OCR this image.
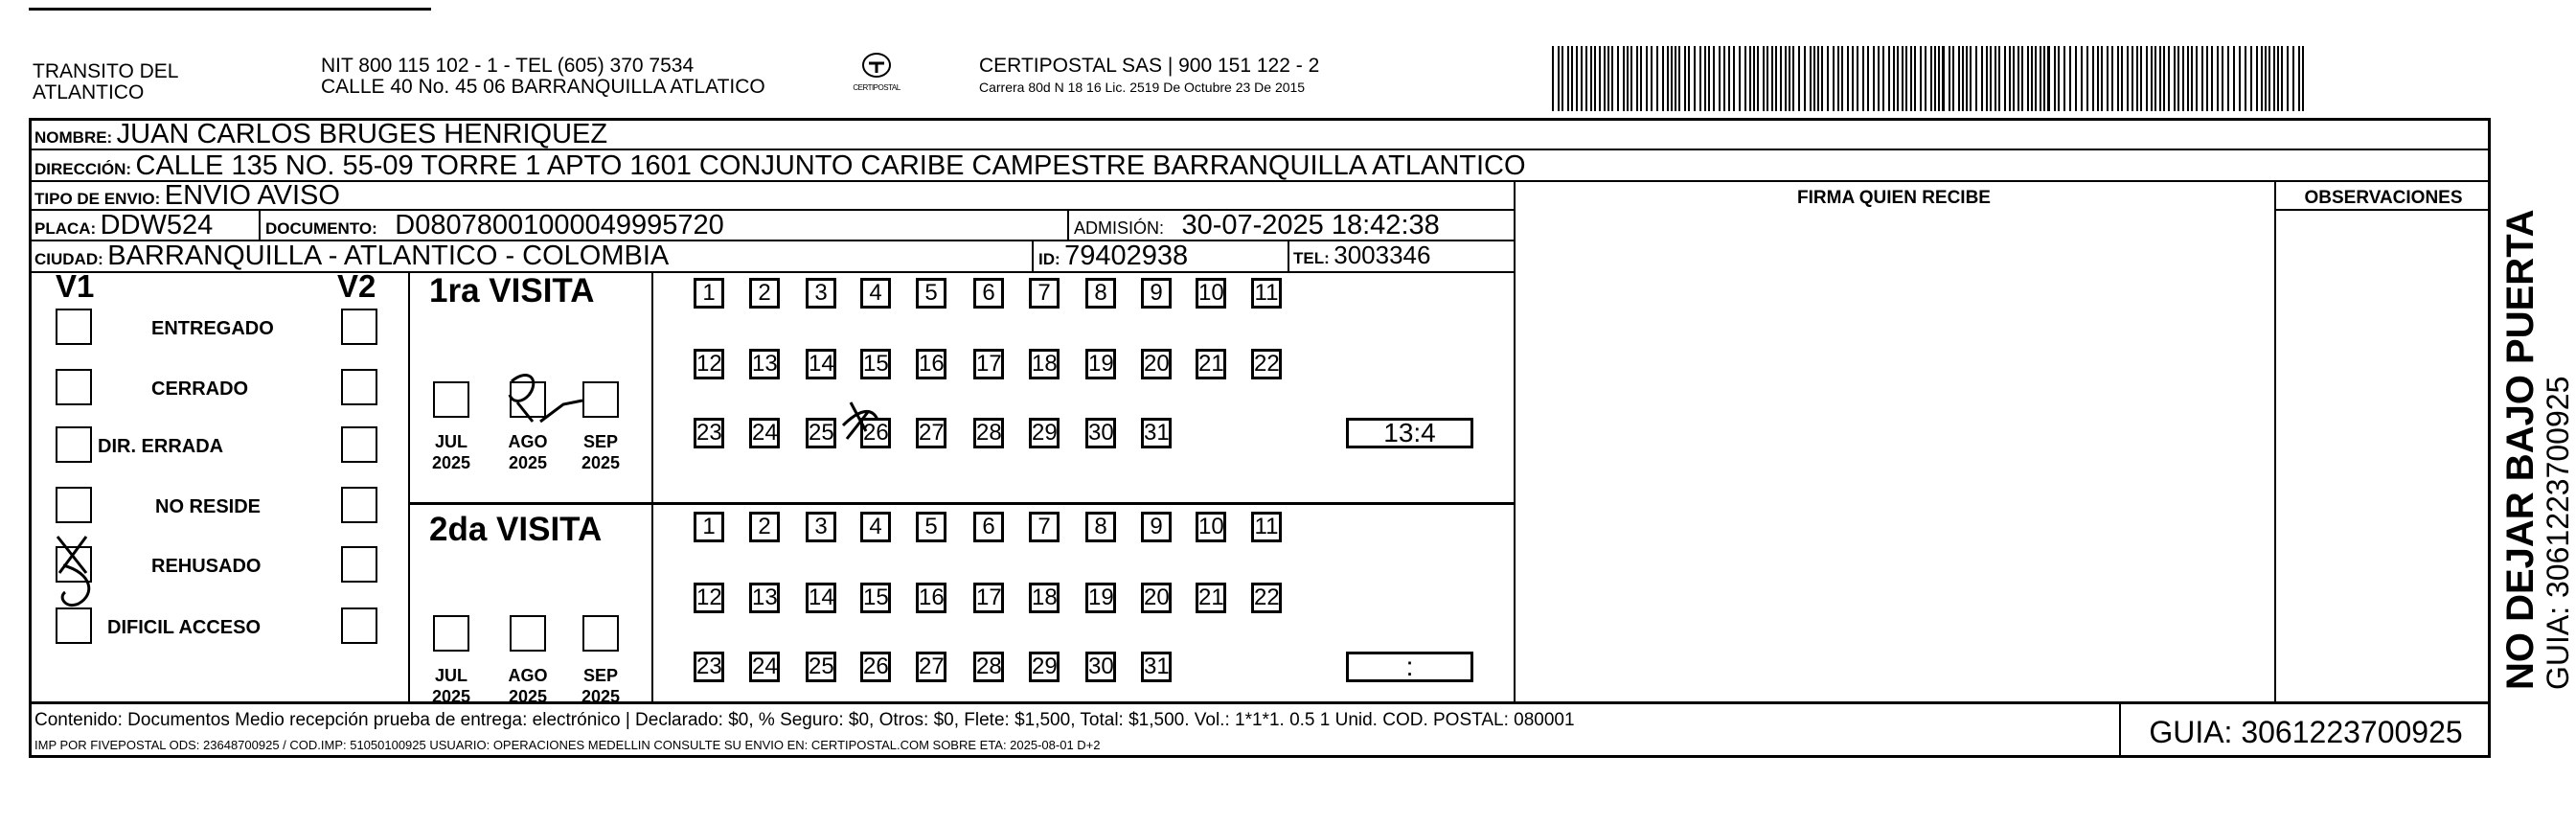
TRANSITO DEL
ATLANTICO
NIT 800 115 102 - 1 - TEL (605) 370 7534
CALLE 40 No. 45 06 BARRANQUILLA ATLATICO	CERTIPOSTAL
CERTIPOSTAL SAS | 900 151 122 - 2
Carrera 80d N 18 16 Lic. 2519 De Octubre 23 De 2015
NOMBRE: JUAN CARLOS BRUGES HENRIQUEZ
DIRECCIÓN: CALLE 135 NO. 55-09 TORRE 1 APTO 1601 CONJUNTO CARIBE CAMPESTRE BARRANQUILLA ATLANTICO
TIPO DE ENVIO: ENVIO AVISO	FIRMA QUIEN RECIBE	OBSERVACIONES
PLACA: DDW524	DOCUMENTO: D08078001000049995720	ADMISIÓN: 30-07-2025 18:42:38
CIUDAD: BARRANQUILLA - ATLANTICO - COLOMBIA	ID: 79402938	TEL: 3003346
V1	V2
ENTREGADO
CERRADO
DIR. ERRADA
NO RESIDE
REHUSADO
DIFICIL ACCESO
1ra VISITA
2da VISITA
1	2	3	4	5	6	7	8	9	10 11
12 13 14 15 16 17 18 19 20 21 22
23 24 25 26 27 28 29 30 31	13:4
JUL
2025
AGO
2025
SEP
2025
1	2	3	4	5	6	7	8	9	10 11
12 13 14 15 16 17 18 19 20 21 22
23 24 25 26 27 28 29 30 31	:
JUL
2025
AGO
2025
SEP
2025
Contenido: Documentos Medio recepción prueba de entrega: electrónico | Declarado: $0, % Seguro: $0, Otros: $0, Flete: $1,500, Total: $1,500. Vol.: 1*1*1. 0.5 1 Unid. COD. POSTAL: 080001
IMP POR FIVEPOSTAL ODS: 23648700925 / COD.IMP: 51050100925 USUARIO: OPERACIONES MEDELLIN CONSULTE SU ENVIO EN: CERTIPOSTAL.COM SOBRE ETA: 2025-08-01 D+2	GUIA: 3061223700925
NO DEJAR BAJO PUERTA GUIA: 3061223700925
